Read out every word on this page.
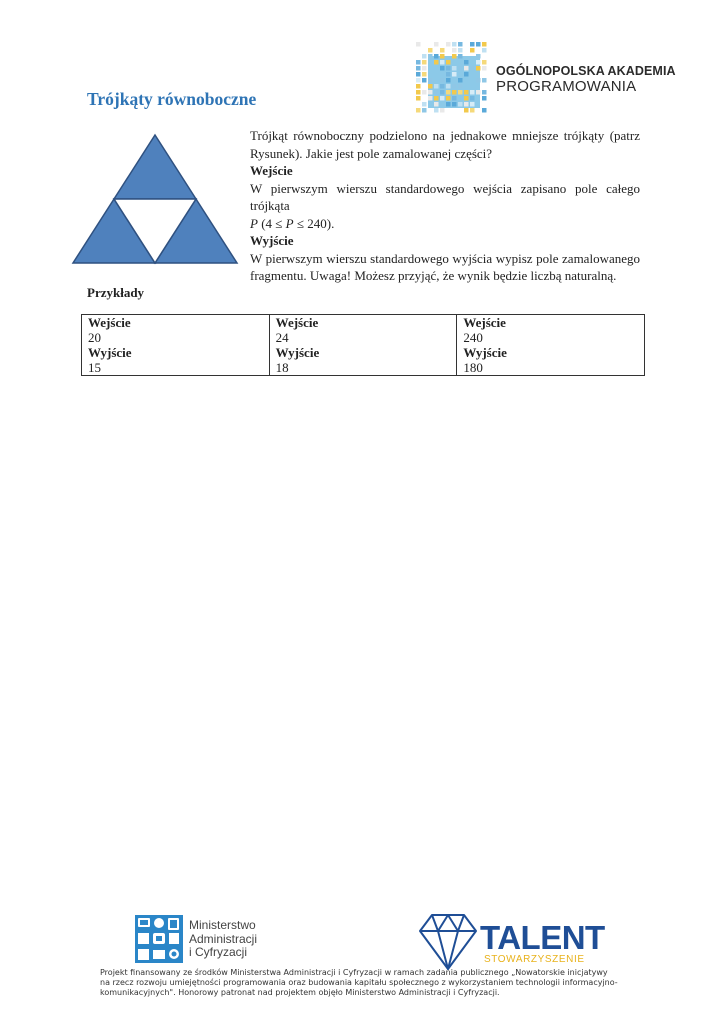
OGÓLNOPOLSKA AKADEMIA
PROGRAMOWANIA
Trójkąty równoboczne

Trójkąt równoboczny podzielono na jednakowe mniejsze trójkąty (patrz

Rysunek). Jakie jest pole zamalowanej części?

Wejście

W pierwszym wierszu standardowego wejścia zapisano pole całego trójkąta

P (4 ≤ P ≤ 240).

Wyjście

W pierwszym wierszu standardowego wyjścia wypisz pole zamalowanego

fragmentu. Uwaga! Możesz przyjąć, że wynik będzie liczbą naturalną.

Przykłady
Wejście
20
Wyjście
15

Wejście
24
Wyjście
18

Wejście
240
Wyjście
180
Ministerstwo
Administracji
i Cyfryzacji	TALENT
STOWARZYSZENIE
Projekt finansowany ze środków Ministerstwa Administracji i Cyfryzacji w ramach zadania publicznego „Nowatorskie inicjatywy
na rzecz rozwoju umiejętności programowania oraz budowania kapitału społecznego z wykorzystaniem technologii informacyjno-
komunikacyjnych". Honorowy patronat nad projektem objęło Ministerstwo Administracji i Cyfryzacji.
